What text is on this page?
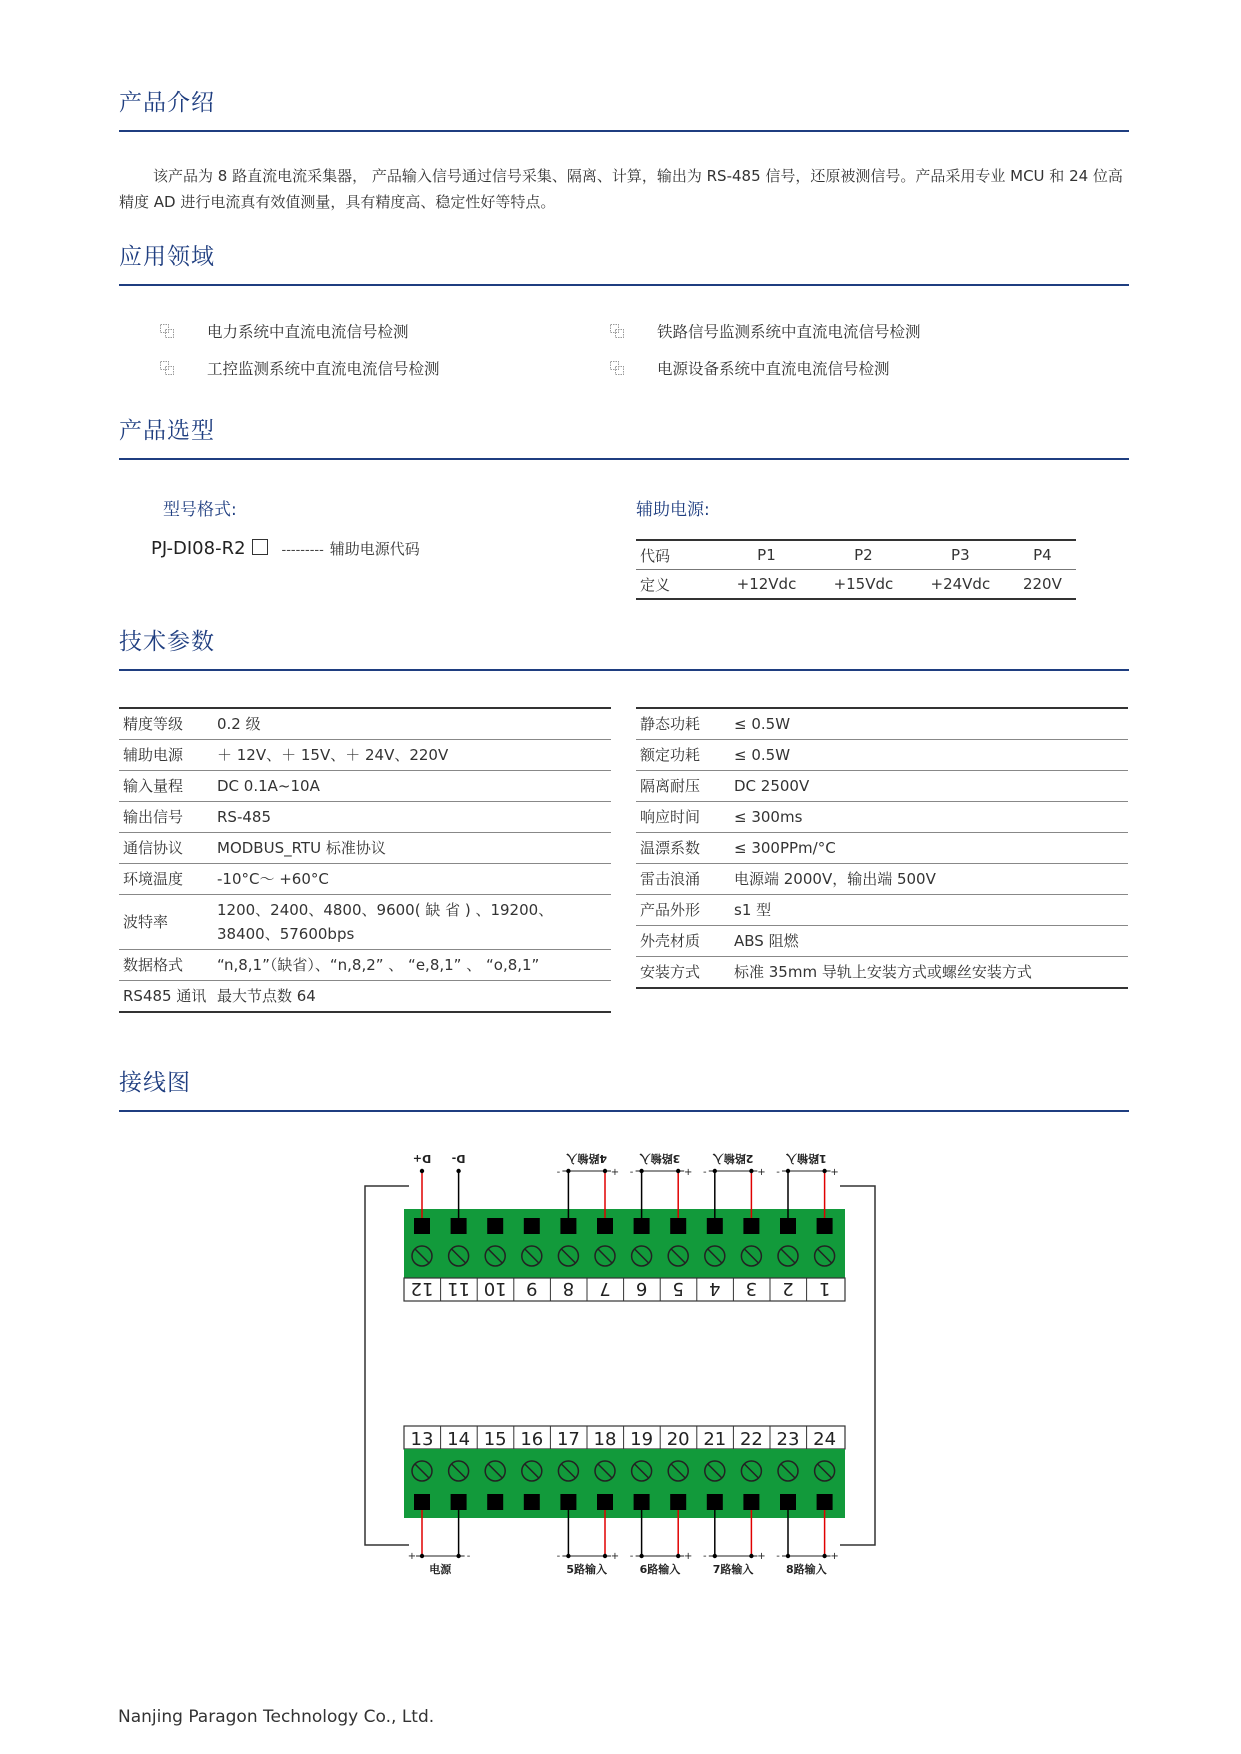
产品介绍
该产品为 8 路直流电流采集器， 产品输入信号通过信号采集、隔离、计算，输出为 RS-485 信号，还原被测信号。产品采用专业 MCU 和 24 位高精度 AD 进行电流真有效值测量，具有精度高、稳定性好等特点。
应用领域
电力系统中直流电流信号检测	铁路信号监测系统中直流电流信号检测
工控监测系统中直流电流信号检测	电源设备系统中直流电流信号检测
产品选型
型号格式:	辅助电源:
PJ-DI08-R2	--------- 辅助电源代码	代码	P1	P2	P3	P4
定义	+12Vdc	+15Vdc	+24Vdc	220V
技术参数
精度等级	0.2 级
辅助电源	＋ 12V、＋ 15V、＋ 24V、220V
输入量程	DC 0.1A~10A
输出信号	RS-485
通信协议	MODBUS_RTU 标准协议
环境温度	-10°C～ +60°C
波特率	1200、2400、4800、9600( 缺 省 ) 、19200、38400、57600bps
数据格式	“n,8,1”（缺省）、“n,8,2” 、 “e,8,1” 、 “o,8,1”
RS485 通讯	最大节点数 64
静态功耗	≤ 0.5W
额定功耗	≤ 0.5W
隔离耐压	DC 2500V
响应时间	≤ 300ms
温漂系数	≤ 300PPm/°C
雷击浪涌	电源端 2000V，输出端 500V
产品外形	s1 型
外壳材质	ABS 阻燃
安装方式	标准 35mm 导轨上安装方式或螺丝安装方式
接线图
12
13
11
14
10
15
9
16
8
17
7
18
6
19
5
20
4
21
3
22
2
23
1
24
D+ D-
-	+
4路输入
-	+
3路输入
-	+
2路输入
-	+
1路输入
+	-
电源
-	+
5路输入
-	+
6路输入
-	+
7路输入
-	+
8路输入
Nanjing Paragon Technology Co., Ltd.
